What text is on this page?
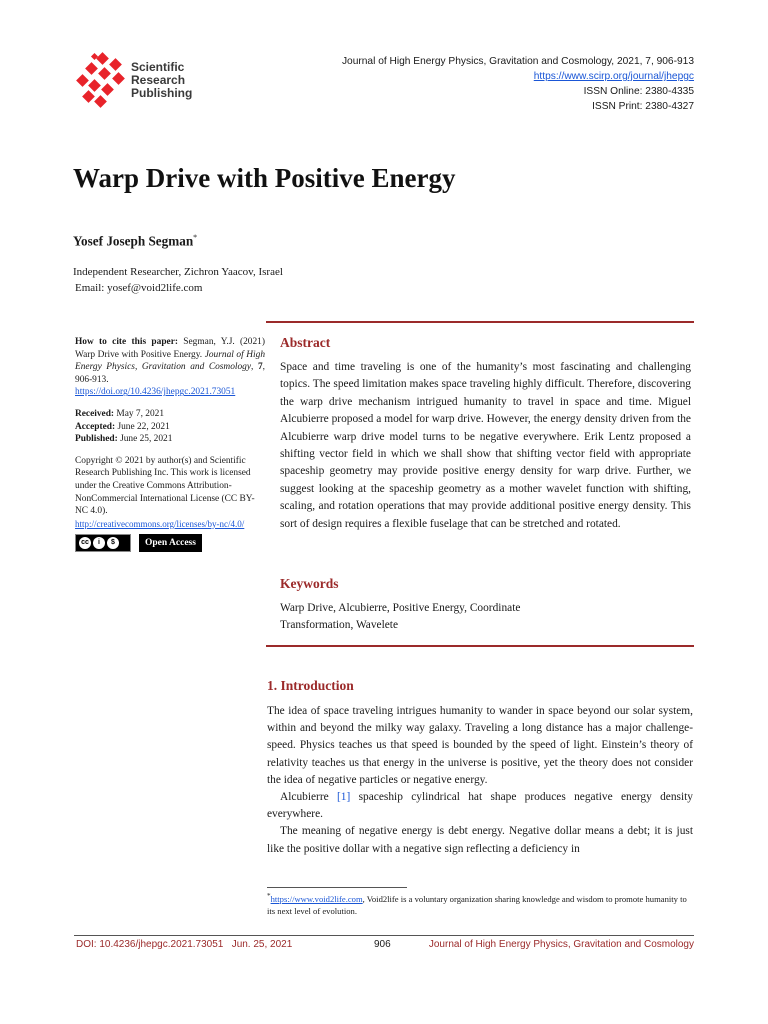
Scientific
Research
Publishing
Journal of High Energy Physics, Gravitation and Cosmology, 2021, 7, 906-913
https://www.scirp.org/journal/jhepgc
ISSN Online: 2380-4335
ISSN Print: 2380-4327
Warp Drive with Positive Energy
Yosef Joseph Segman*
Independent Researcher, Zichron Yaacov, Israel
Email: yosef@void2life.com
How to cite this paper: Segman, Y.J. (2021) Warp Drive with Positive Energy. Journal of High Energy Physics, Gravitation and Cosmology, 7, 906-913.
https://doi.org/10.4236/jhepgc.2021.73051
Received: May 7, 2021
Accepted: June 22, 2021
Published: June 25, 2021
Copyright © 2021 by author(s) and Scientific Research Publishing Inc. This work is licensed under the Creative Commons Attribution-NonCommercial International License (CC BY-NC 4.0).
http://creativecommons.org/licenses/by-nc/4.0/
cc	i	$	Open Access
Abstract
Space and time traveling is one of the humanity’s most fascinating and challenging topics. The speed limitation makes space traveling highly difficult. Therefore, discovering the warp drive mechanism intrigued humanity to travel in space and time. Miguel Alcubierre proposed a model for warp drive. However, the energy density driven from the Alcubierre warp drive model turns to be negative everywhere. Erik Lentz proposed a shifting vector field in which we shall show that shifting vector field with appropriate spaceship geometry may provide positive energy density for warp drive. Further, we suggest looking at the spaceship geometry as a mother wavelet function with shifting, scaling, and rotation operations that may provide additional positive energy density. This sort of design requires a flexible fuselage that can be stretched and rotated.
Keywords
Warp Drive, Alcubierre, Positive Energy, Coordinate
Transformation, Wavelete
1. Introduction

The idea of space traveling intrigues humanity to wander in space beyond our solar system, within and beyond the milky way galaxy. Traveling a long distance has a major challenge-speed. Physics teaches us that speed is bounded by the speed of light. Einstein’s theory of relativity teaches us that energy in the universe is positive, yet the theory does not consider the idea of negative particles or negative energy.

Alcubierre [1] spaceship cylindrical hat shape produces negative energy density everywhere.

The meaning of negative energy is debt energy. Negative dollar means a debt; it is just like the positive dollar with a negative sign reflecting a deficiency in

*https://www.void2life.com, Void2life is a voluntary organization sharing knowledge and wisdom to promote humanity to its next level of evolution.
DOI: 10.4236/jhepgc.2021.73051 Jun. 25, 2021	906	Journal of High Energy Physics, Gravitation and Cosmology
